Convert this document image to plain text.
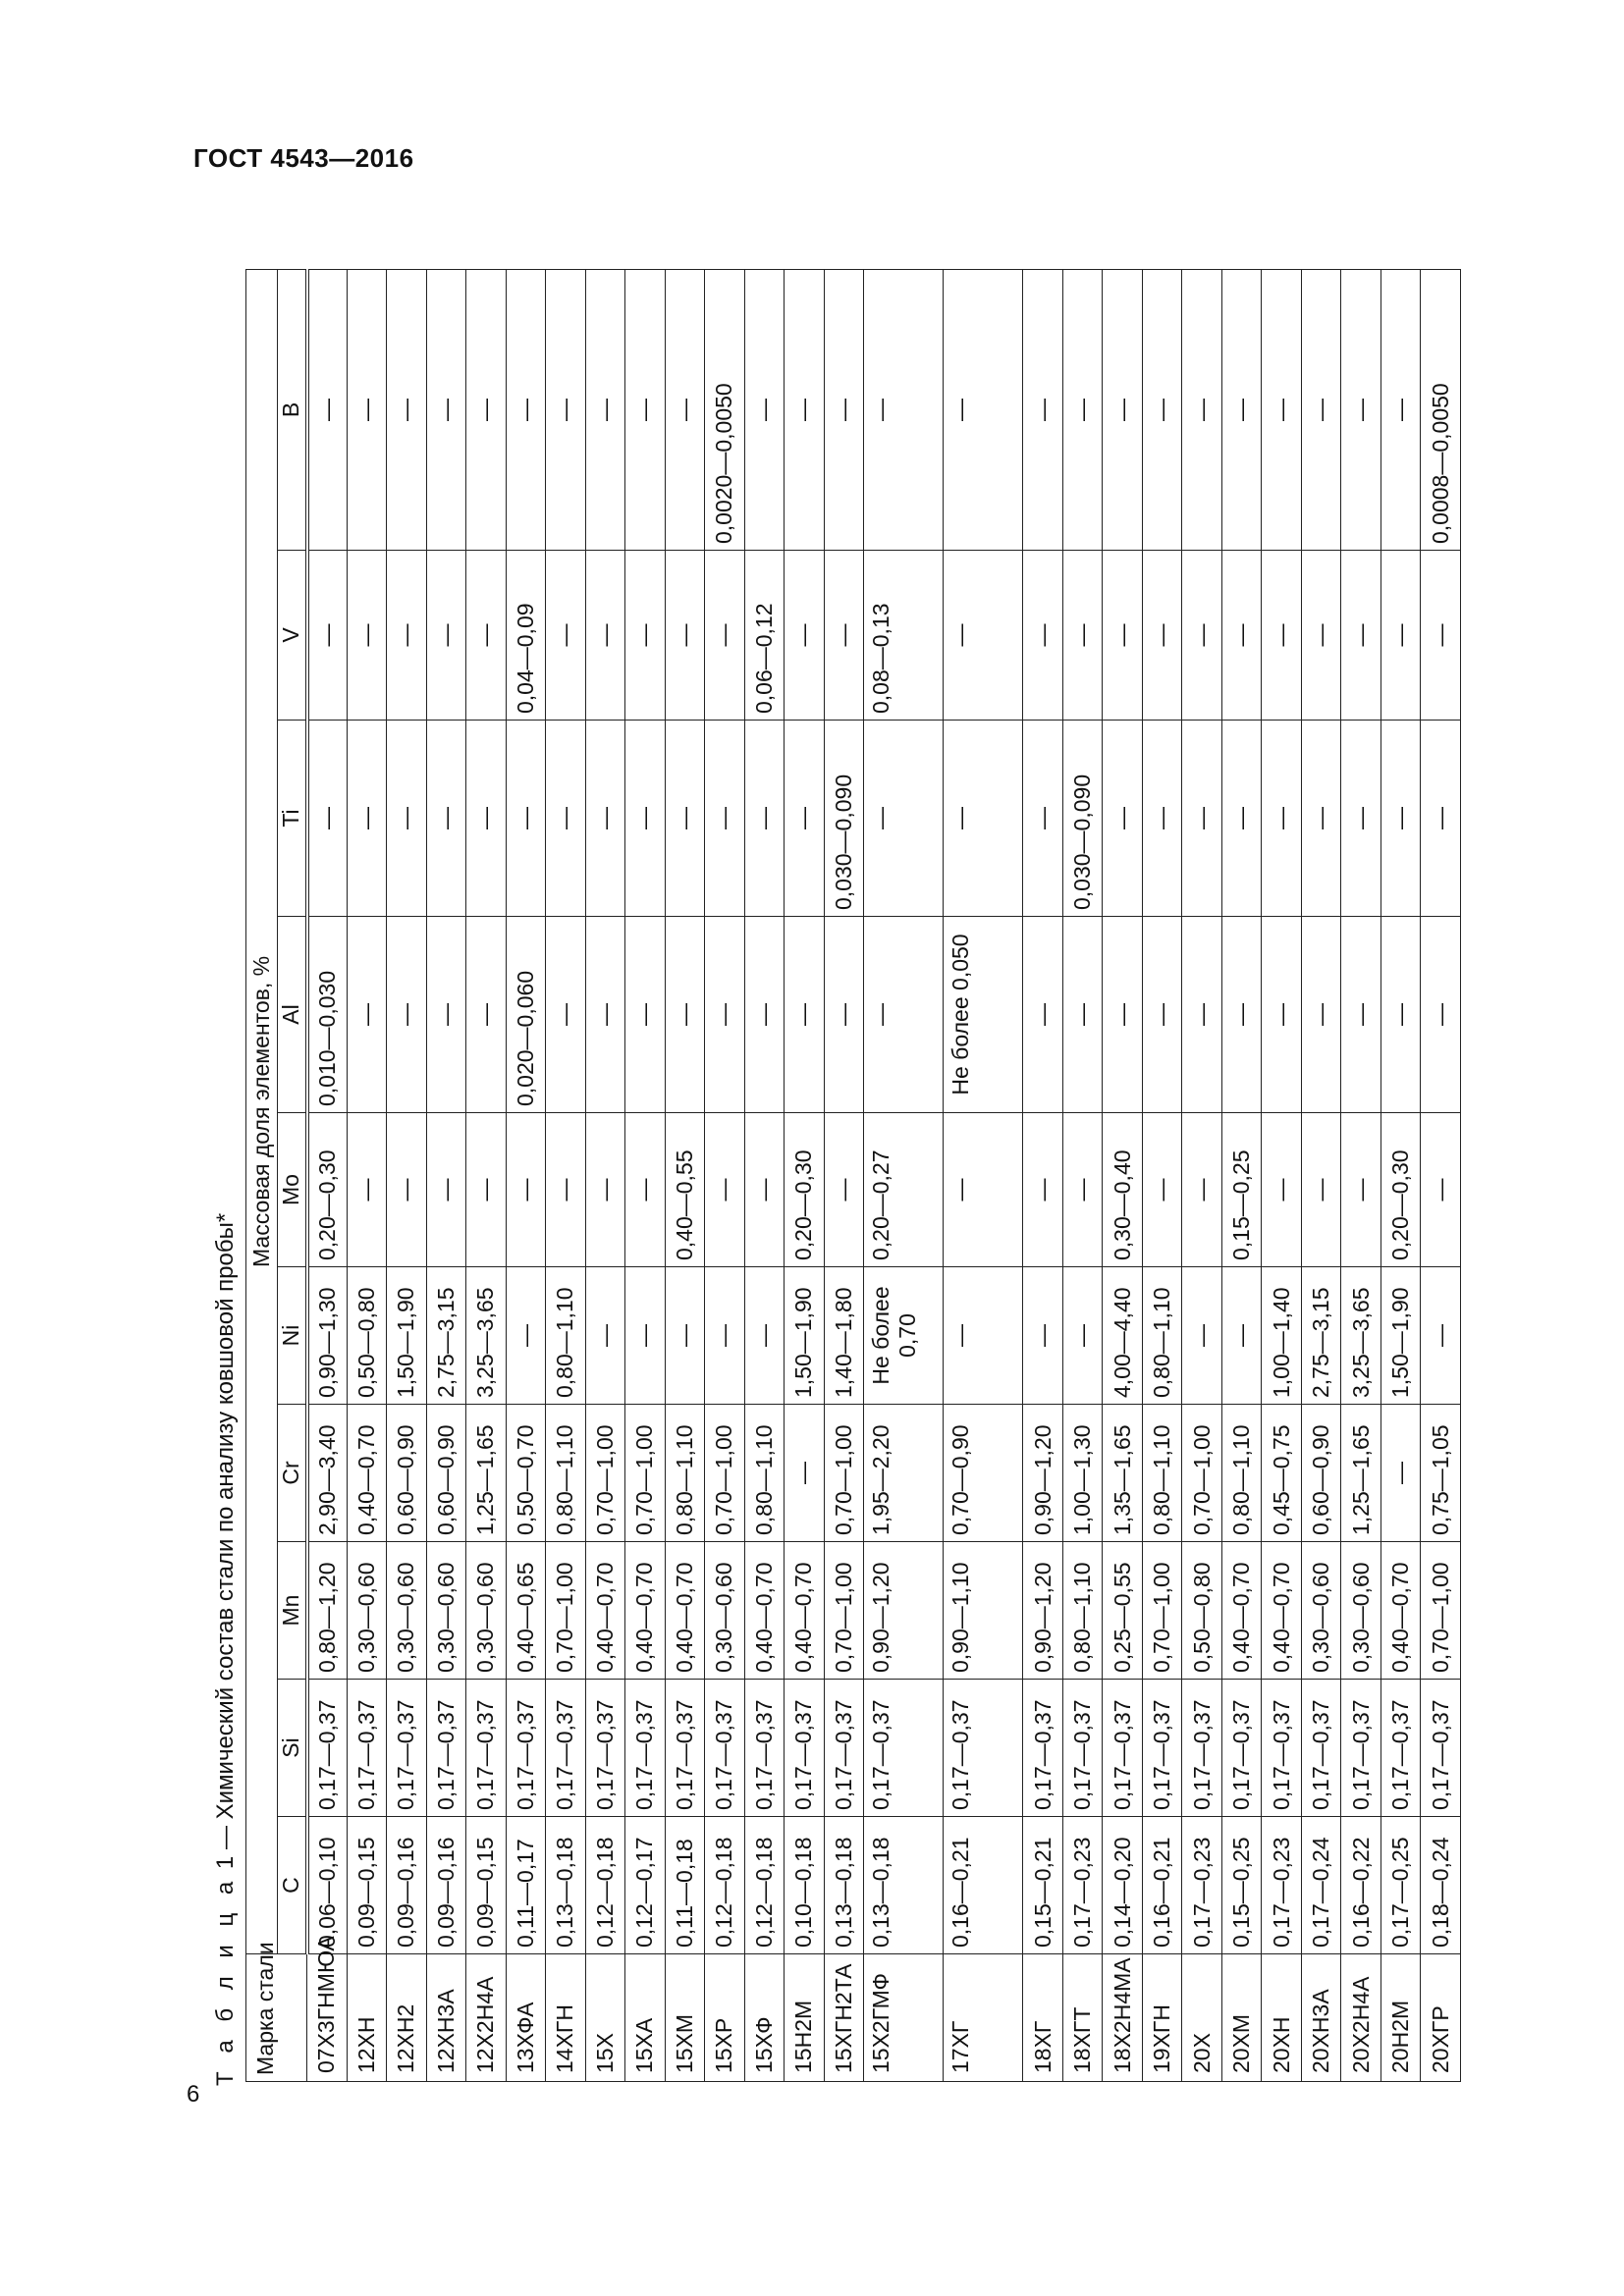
ГОСТ 4543—2016
6
Т а б л и ц а 1 — Химический состав стали по анализу ковшовой пробы*
Марка стали	Массовая доля элементов, %									
	C	Si	Mn	Cr	Ni	Mo	Al	Ti	V	B
07Х3ГНМЮА	0,06—0,10	0,17—0,37	0,80—1,20	2,90—3,40	0,90—1,30	0,20—0,30	0,010—0,030	—	—	—
12ХН	0,09—0,15	0,17—0,37	0,30—0,60	0,40—0,70	0,50—0,80	—	—	—	—	—
12ХН2	0,09—0,16	0,17—0,37	0,30—0,60	0,60—0,90	1,50—1,90	—	—	—	—	—
12ХН3А	0,09—0,16	0,17—0,37	0,30—0,60	0,60—0,90	2,75—3,15	—	—	—	—	—
12Х2Н4А	0,09—0,15	0,17—0,37	0,30—0,60	1,25—1,65	3,25—3,65	—	—	—	—	—
13ХФА	0,11—0,17	0,17—0,37	0,40—0,65	0,50—0,70	—	—	0,020—0,060	—	0,04—0,09	—
14ХГН	0,13—0,18	0,17—0,37	0,70—1,00	0,80—1,10	0,80—1,10	—	—	—	—	—
15Х	0,12—0,18	0,17—0,37	0,40—0,70	0,70—1,00	—	—	—	—	—	—
15ХА	0,12—0,17	0,17—0,37	0,40—0,70	0,70—1,00	—	—	—	—	—	—
15ХМ	0,11—0,18	0,17—0,37	0,40—0,70	0,80—1,10	—	0,40—0,55	—	—	—	—
15ХР	0,12—0,18	0,17—0,37	0,30—0,60	0,70—1,00	—	—	—	—	—	0,0020—0,0050
15ХФ	0,12—0,18	0,17—0,37	0,40—0,70	0,80—1,10	—	—	—	—	0,06—0,12	—
15Н2М	0,10—0,18	0,17—0,37	0,40—0,70	—	1,50—1,90	0,20—0,30	—	—	—	—
15ХГН2ТА	0,13—0,18	0,17—0,37	0,70—1,00	0,70—1,00	1,40—1,80	—	—	0,030—0,090	—	—
15Х2ГМФ	0,13—0,18	0,17—0,37	0,90—1,20	1,95—2,20	Не более 0,70	0,20—0,27	—	—	0,08—0,13	—
17ХГ	0,16—0,21	0,17—0,37	0,90—1,10	0,70—0,90	—	—	Не более 0,050	—	—	—
18ХГ	0,15—0,21	0,17—0,37	0,90—1,20	0,90—1,20	—	—	—	—	—	—
18ХГТ	0,17—0,23	0,17—0,37	0,80—1,10	1,00—1,30	—	—	—	0,030—0,090	—	—
18Х2Н4МА	0,14—0,20	0,17—0,37	0,25—0,55	1,35—1,65	4,00—4,40	0,30—0,40	—	—	—	—
19ХГН	0,16—0,21	0,17—0,37	0,70—1,00	0,80—1,10	0,80—1,10	—	—	—	—	—
20Х	0,17—0,23	0,17—0,37	0,50—0,80	0,70—1,00	—	—	—	—	—	—
20ХМ	0,15—0,25	0,17—0,37	0,40—0,70	0,80—1,10	—	0,15—0,25	—	—	—	—
20ХН	0,17—0,23	0,17—0,37	0,40—0,70	0,45—0,75	1,00—1,40	—	—	—	—	—
20ХН3А	0,17—0,24	0,17—0,37	0,30—0,60	0,60—0,90	2,75—3,15	—	—	—	—	—
20Х2Н4А	0,16—0,22	0,17—0,37	0,30—0,60	1,25—1,65	3,25—3,65	—	—	—	—	—
20Н2М	0,17—0,25	0,17—0,37	0,40—0,70	—	1,50—1,90	0,20—0,30	—	—	—	—
20ХГР	0,18—0,24	0,17—0,37	0,70—1,00	0,75—1,05	—	—	—	—	—	0,0008—0,0050
